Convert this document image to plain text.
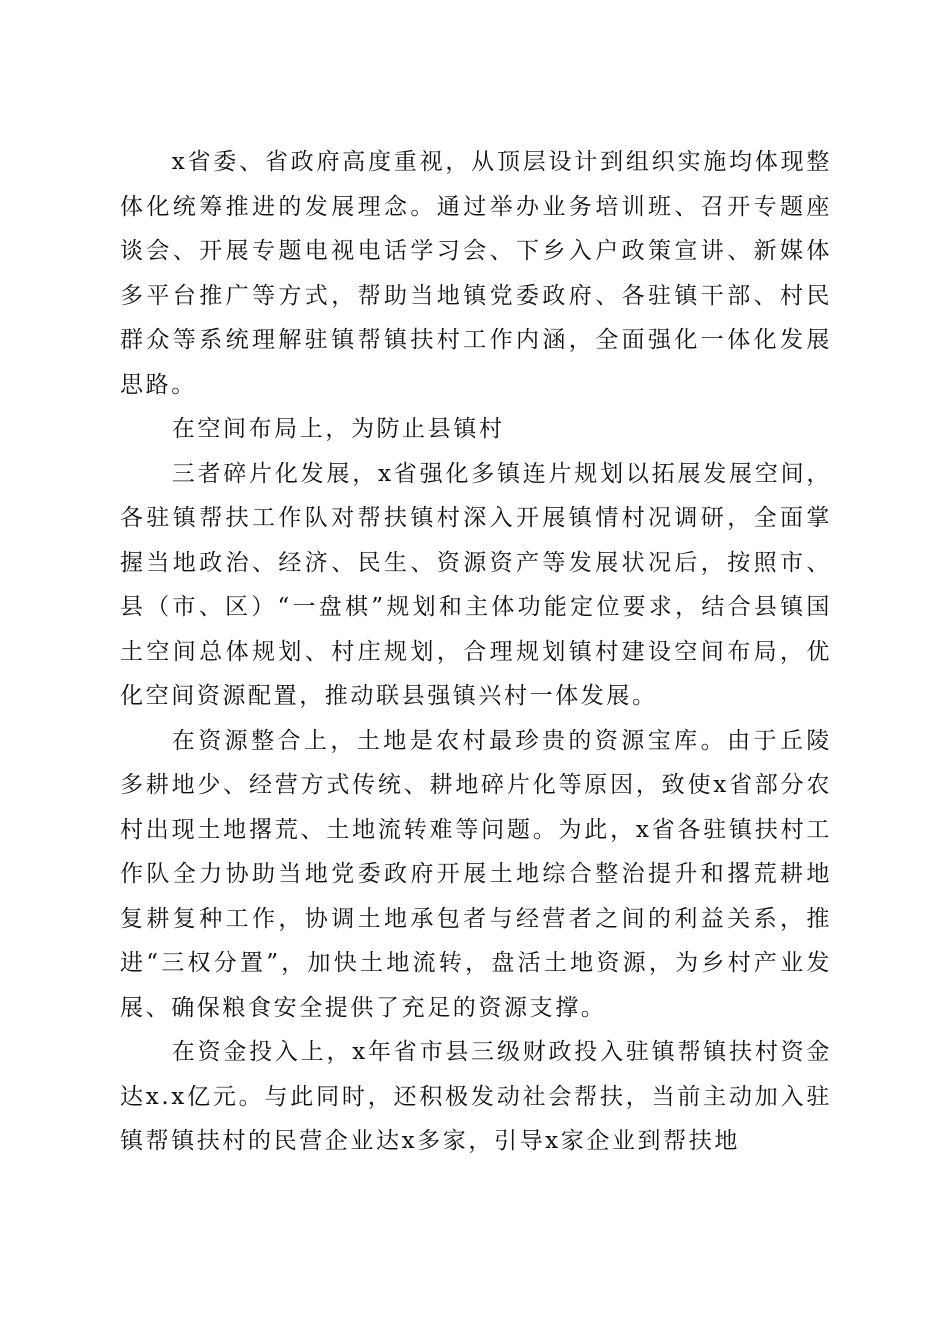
x省委、省政府高度重视，从顶层设计到组织实施均体现整体化统筹推进的发展理念。通过举办业务培训班、召开专题座谈会、开展专题电视电话学习会、下乡入户政策宣讲、新媒体多平台推广等方式，帮助当地镇党委政府、各驻镇干部、村民群众等系统理解驻镇帮镇扶村工作内涵，全面强化一体化发展思路。

在空间布局上，为防止县镇村

三者碎片化发展，x省强化多镇连片规划以拓展发展空间，各驻镇帮扶工作队对帮扶镇村深入开展镇情村况调研，全面掌握当地政治、经济、民生、资源资产等发展状况后，按照市、县（市、区）“一盘棋”规划和主体功能定位要求，结合县镇国土空间总体规划、村庄规划，合理规划镇村建设空间布局，优化空间资源配置，推动联县强镇兴村一体发展。

在资源整合上，土地是农村最珍贵的资源宝库。由于丘陵多耕地少、经营方式传统、耕地碎片化等原因，致使x省部分农村出现土地撂荒、土地流转难等问题。为此，x省各驻镇扶村工作队全力协助当地党委政府开展土地综合整治提升和撂荒耕地复耕复种工作，协调土地承包者与经营者之间的利益关系，推进“三权分置”，加快土地流转，盘活土地资源，为乡村产业发展、确保粮食安全提供了充足的资源支撑。

在资金投入上，x年省市县三级财政投入驻镇帮镇扶村资金达x.x亿元。与此同时，还积极发动社会帮扶，当前主动加入驻镇帮镇扶村的民营企业达x多家，引导x家企业到帮扶地
